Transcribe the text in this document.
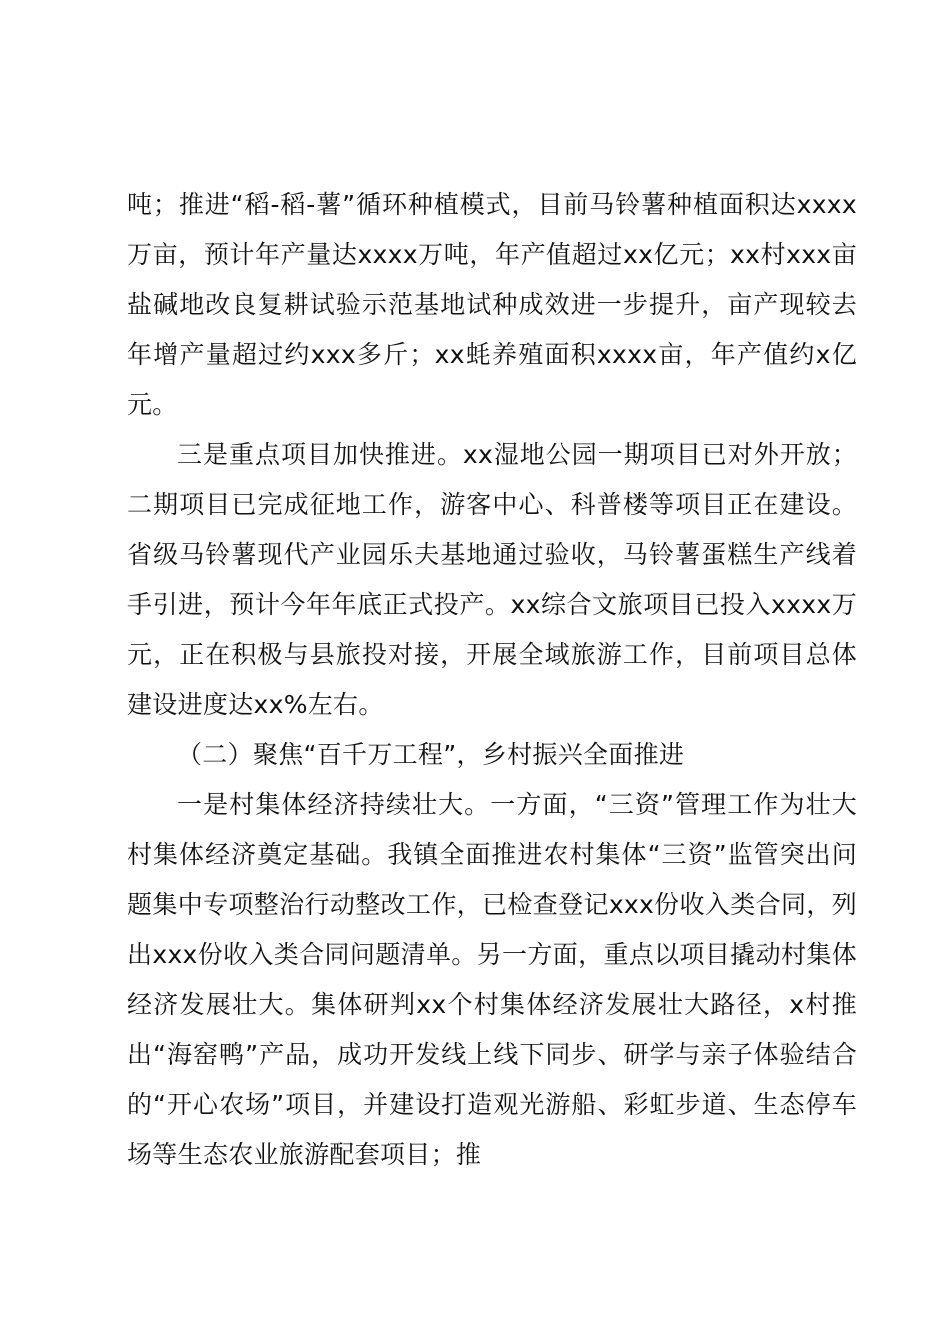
吨；推进“稻-稻-薯”循环种植模式，目前马铃薯种植面积达xxxx万亩，预计年产量达xxxx万吨，年产值超过xx亿元；xx村xxx亩盐碱地改良复耕试验示范基地试种成效进一步提升，亩产现较去年增产量超过约xxx多斤；xx蚝养殖面积xxxx亩，年产值约x亿元。

三是重点项目加快推进。xx湿地公园一期项目已对外开放；二期项目已完成征地工作，游客中心、科普楼等项目正在建设。省级马铃薯现代产业园乐夫基地通过验收，马铃薯蛋糕生产线着手引进，预计今年年底正式投产。xx综合文旅项目已投入xxxx万元，正在积极与县旅投对接，开展全域旅游工作，目前项目总体建设进度达xx%左右。

（二）聚焦“百千万工程”，乡村振兴全面推进

一是村集体经济持续壮大。一方面，“三资”管理工作为壮大村集体经济奠定基础。我镇全面推进农村集体“三资”监管突出问题集中专项整治行动整改工作，已检查登记xxx份收入类合同，列出xxx份收入类合同问题清单。另一方面，重点以项目撬动村集体经济发展壮大。集体研判xx个村集体经济发展壮大路径，x村推出“海窑鸭”产品，成功开发线上线下同步、研学与亲子体验结合的“开心农场”项目，并建设打造观光游船、彩虹步道、生态停车场等生态农业旅游配套项目；推
